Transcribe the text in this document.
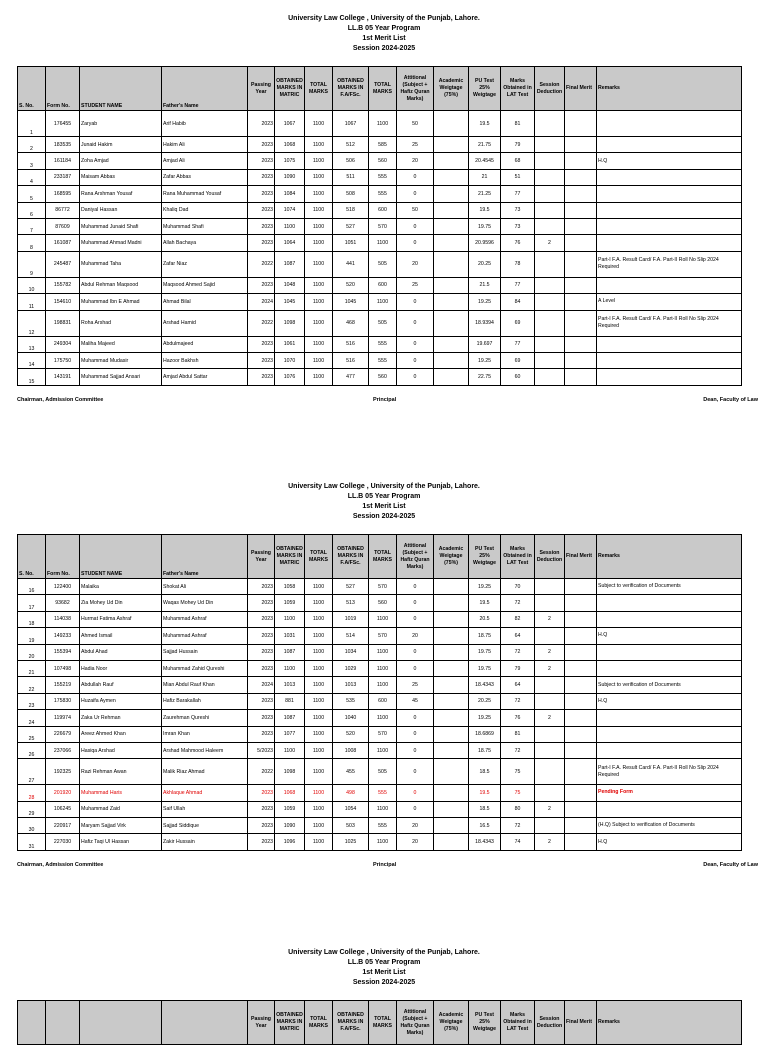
University Law College , University of the Punjab, Lahore.
LL.B 05 Year Program
1st Merit List
Session 2024-2025
S. No.	Form No.	STUDENT NAME	Father's Name	Passing Year	OBTAINED MARKS IN MATRIC	TOTAL MARKS	OBTAINED MARKS IN F.A/FSc.	TOTAL MARKS	Attitional (Subject + Hafiz Quran Marks)	Academic Weigtage (75%)	PU Test 25% Weigtage	Marks Obtained in LAT Test	Session Deduction	Final Merit	Remarks
1	176455	Zaryab	Arif Habib	2023	1067	1100	1067	1100	50		19.5	81			
2	183535	Junaid Hakim	Hakim Ali	2023	1068	1100	512	585	25		21.75	79			
3	161184	Zoha Amjad	Amjad Ali	2023	1075	1100	506	560	20		20.4545	68			H.Q
4	233187	Maisam Abbas	Zafar Abbas	2023	1090	1100	511	555	0		21	51			
5	168595	Rana Arshman Yousaf	Rana Muhammad Yousaf	2023	1084	1100	508	555	0		21.25	77			
6	86772	Daniyal Hassan	Khaliq Dad	2023	1074	1100	518	600	50		19.5	73			
7	87609	Muhammad Junaid Shafi	Muhammad Shafi	2023	1100	1100	527	570	0		19.75	73			
8	161087	Muhammad Ahmad Madni	Allah Bachaya	2023	1064	1100	1051	1100	0		20.9596	76	2		
9	245487	Muhammad Taha	Zafar Niaz	2022	1087	1100	441	505	20		20.25	78			Part-I F.A. Result Card/ F.A. Part-II Roll No Slip 2024 Required
10	155782	Abdul Rehman Maqsood	Maqsood Ahmed Sajid	2023	1048	1100	520	600	25		21.5	77			
11	154610	Muhammad Ibn E Ahmad	Ahmad Bilal	2024	1045	1100	1045	1100	0		19.25	84			A Level
12	198831	Roha Arshad	Arshad Hamid	2022	1098	1100	468	505	0		18.9394	69			Part-I F.A. Result Card/ F.A. Part-II Roll No Slip 2024 Required
13	249304	Maliha Majeed	Abdulmajeed	2023	1061	1100	516	555	0		19.697	77			
14	175750	Muhammad Mudasir	Hazoor Bakhsh	2023	1070	1100	516	555	0		19.25	69			
15	143191	Muhammad Sajjad Ansari	Amjad Abdul Sattar	2023	1076	1100	477	560	0		22.75	60			
Chairman, Admission Committee	Principal	Dean, Faculty of Law
University Law College , University of the Punjab, Lahore.
LL.B 05 Year Program
1st Merit List
Session 2024-2025
S. No.	Form No.	STUDENT NAME	Father's Name	Passing Year	OBTAINED MARKS IN MATRIC	TOTAL MARKS	OBTAINED MARKS IN F.A/FSc.	TOTAL MARKS	Attitional (Subject + Hafiz Quran Marks)	Academic Weigtage (75%)	PU Test 25% Weigtage	Marks Obtained in LAT Test	Session Deduction	Final Merit	Remarks
16	122400	Malaika	Shokat Ali	2023	1058	1100	527	570	0		19.25	70			Subject to verification of Documents
17	93682	Zia Mohey Ud Din	Waqas Mohey Ud Din	2023	1059	1100	513	560	0		19.5	72			
18	114038	Hurmat Fatima Ashraf	Muhammad Ashraf	2023	1100	1100	1019	1100	0		20.5	82	2		
19	149233	Ahmed Ismail	Muhammad Ashraf	2023	1031	1100	514	570	20		18.75	64			H.Q
20	155394	Abdul Ahad	Sajjad Hussain	2023	1087	1100	1034	1100	0		19.75	72	2		
21	107498	Hadia Noor	Muhammad Zahid Qureshi	2023	1100	1100	1029	1100	0		19.75	79	2		
22	155219	Abdullah Rauf	Mian Abdul Rauf Khan	2024	1013	1100	1013	1100	25		18.4343	64			Subject to verification of Documents
23	175830	Huzaifa Aymen	Hafiz Barakallah	2023	881	1100	535	600	45		20.25	72			H.Q
24	119974	Zaka Ur Rehman	Zaurehman Qureshi	2023	1087	1100	1040	1100	0		19.25	76	2		
25	226679	Areez Ahmed Khan	Imran Khan	2023	1077	1100	520	570	0		18.6869	81			
26	237066	Hasiqa Arshad	Arshad Mahmood Haleem	5/2023	1100	1100	1008	1100	0		18.75	72			
27	192325	Razi Rehman Awan	Malik Riaz Ahmad	2022	1098	1100	455	505	0		18.5	75			Part-I F.A. Result Card/ F.A. Part-II Roll No Slip 2024 Required
28	201920	Muhammad Haris	Akhlaque Ahmad	2023	1068	1100	498	555	0		19.5	75			Pending Form
29	106245	Muhammad Zaid	Saif Ullah	2023	1059	1100	1054	1100	0		18.5	80	2		
30	220917	Maryam Sajjad Virk	Sajjad Siddique	2023	1090	1100	503	555	20		16.5	72			(H.Q) Subject to verification of Documents
31	227030	Hafiz Taqi Ul Hassan	Zakir Hussain	2023	1096	1100	1025	1100	20		18.4343	74	2		H.Q
Chairman, Admission Committee	Principal	Dean, Faculty of Law
University Law College , University of the Punjab, Lahore.
LL.B 05 Year Program
1st Merit List
Session 2024-2025
				Passing Year	OBTAINED MARKS IN MATRIC	TOTAL MARKS	OBTAINED MARKS IN F.A/FSc.	TOTAL MARKS	Attitional (Subject + Hafiz Quran Marks)	Academic Weigtage (75%)	PU Test 25% Weigtage	Marks Obtained in LAT Test	Session Deduction	Final Merit	Remarks
